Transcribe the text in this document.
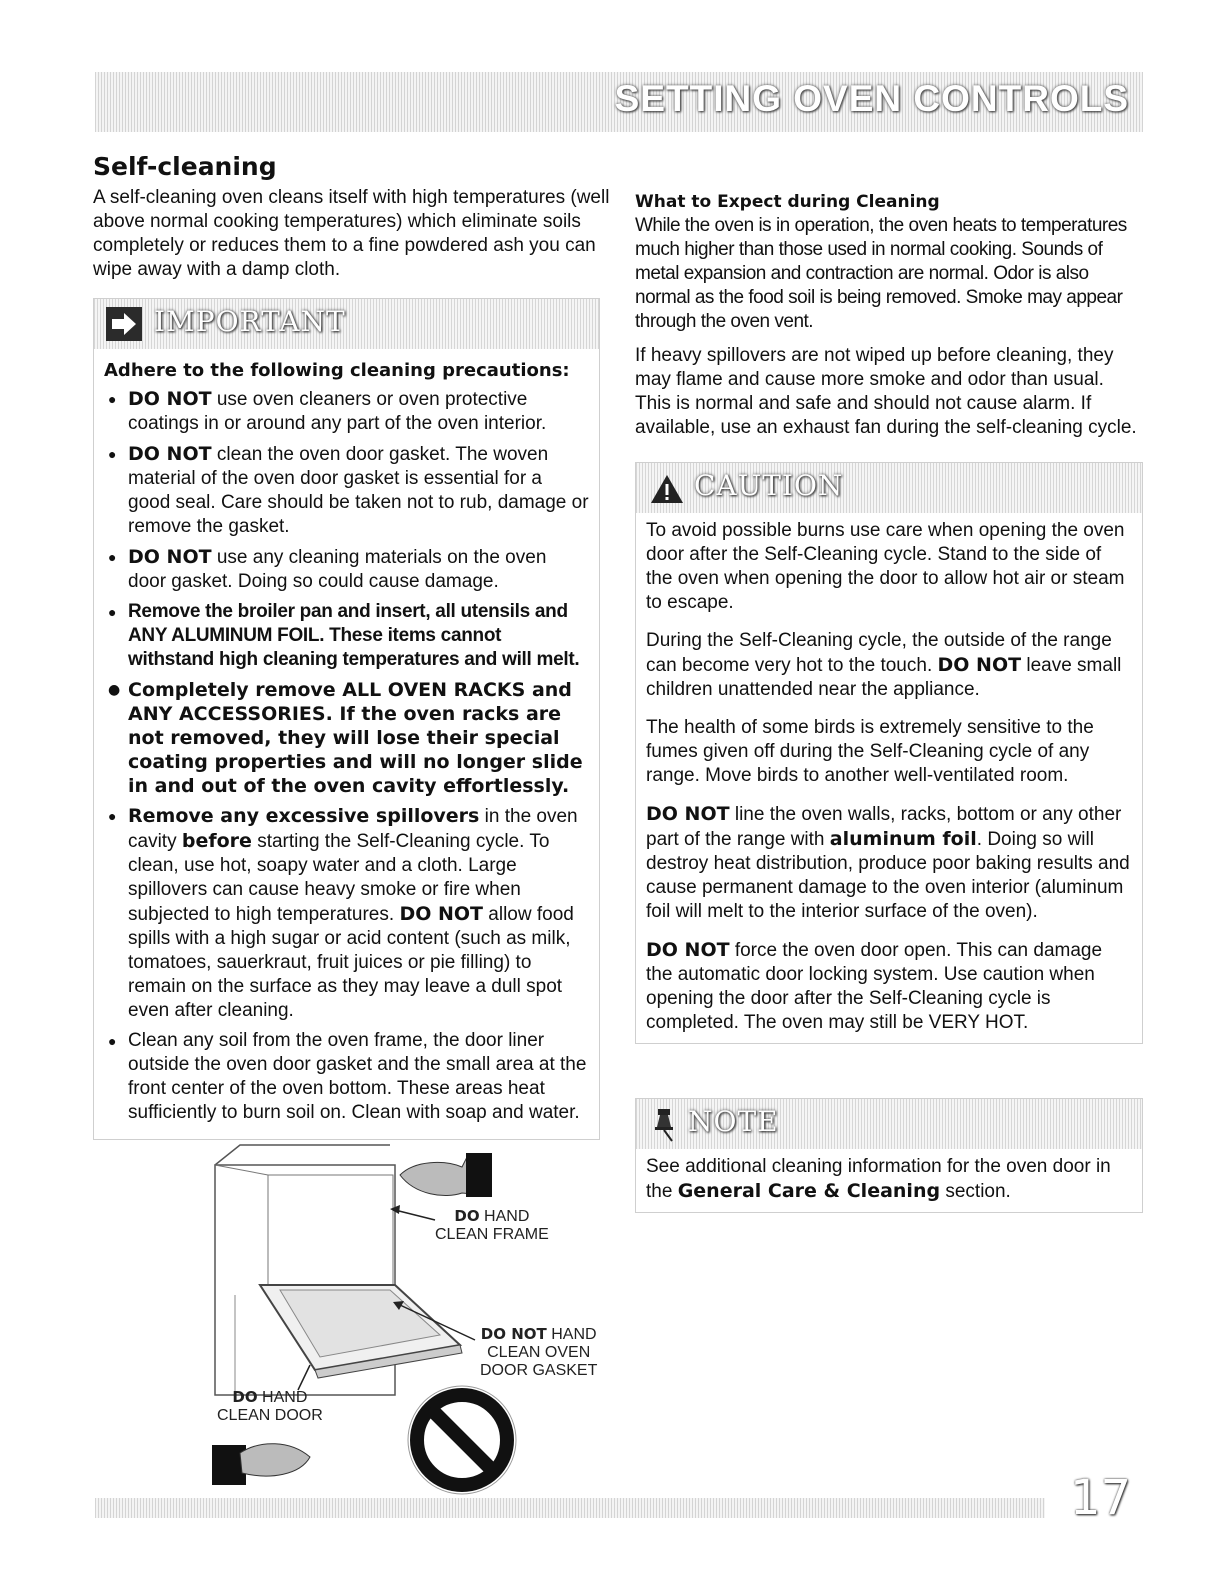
SETTING OVEN CONTROLS
Self-cleaning

A self-cleaning oven cleans itself with high temperatures (well above normal cooking temperatures) which eliminate soils completely or reduces them to a fine powdered ash you can wipe away with a damp cloth.

IMPORTANT
Adhere to the following cleaning precautions:
● DO NOT use oven cleaners or oven protective coatings in or around any part of the oven interior.
● DO NOT clean the oven door gasket. The woven material of the oven door gasket is essential for a good seal. Care should be taken not to rub, damage or remove the gasket.
● DO NOT use any cleaning materials on the oven door gasket. Doing so could cause damage.
● Remove the broiler pan and insert, all utensils and ANY ALUMINUM FOIL. These items cannot withstand high cleaning temperatures and will melt.
● Completely remove ALL OVEN RACKS and ANY ACCESSORIES. If the oven racks are not removed, they will lose their special coating properties and will no longer slide in and out of the oven cavity effortlessly.
● Remove any excessive spillovers in the oven cavity before starting the Self-Cleaning cycle. To clean, use hot, soapy water and a cloth. Large spillovers can cause heavy smoke or fire when subjected to high temperatures. DO NOT allow food spills with a high sugar or acid content (such as milk, tomatoes, sauerkraut, fruit juices or pie filling) to remain on the surface as they may leave a dull spot even after cleaning.
● Clean any soil from the oven frame, the door liner outside the oven door gasket and the small area at the front center of the oven bottom. These areas heat sufficiently to burn soil on. Clean with soap and water.
DO HAND
CLEAN FRAME
DO NOT HAND
CLEAN OVEN
DOOR GASKET
DO HAND
CLEAN DOOR
What to Expect during Cleaning

While the oven is in operation, the oven heats to temperatures much higher than those used in normal cooking. Sounds of metal expansion and contraction are normal. Odor is also normal as the food soil is being removed. Smoke may appear through the oven vent.

If heavy spillovers are not wiped up before cleaning, they may flame and cause more smoke and odor than usual. This is normal and safe and should not cause alarm. If available, use an exhaust fan during the self-cleaning cycle.

CAUTION

To avoid possible burns use care when opening the oven door after the Self-Cleaning cycle. Stand to the side of the oven when opening the door to allow hot air or steam to escape.

During the Self-Cleaning cycle, the outside of the range can become very hot to the touch. DO NOT leave small children unattended near the appliance.

The health of some birds is extremely sensitive to the fumes given off during the Self-Cleaning cycle of any range. Move birds to another well-ventilated room.

DO NOT line the oven walls, racks, bottom or any other part of the range with aluminum foil. Doing so will destroy heat distribution, produce poor baking results and cause permanent damage to the oven interior (aluminum foil will melt to the interior surface of the oven).

DO NOT force the oven door open. This can damage the automatic door locking system. Use caution when opening the door after the Self-Cleaning cycle is completed. The oven may still be VERY HOT.

NOTE

See additional cleaning information for the oven door in the General Care & Cleaning section.

17
